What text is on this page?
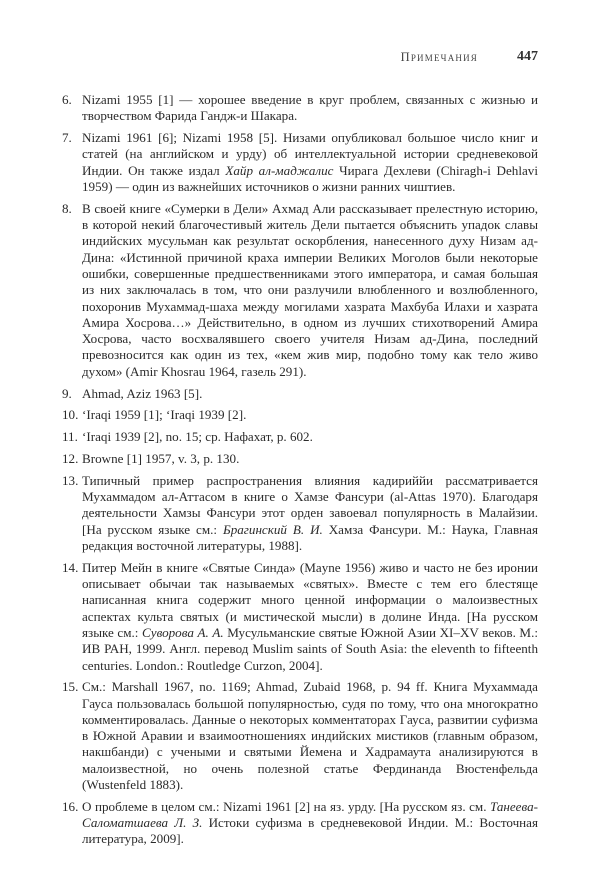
Примечания	447
6. Nizami 1955 [1] — хорошее введение в круг проблем, связанных с жизнью и творчеством Фарида Гандж-и Шакара.
7. Nizami 1961 [6]; Nizami 1958 [5]. Низами опубликовал большое число книг и статей (на английском и урду) об интеллектуальной истории средневековой Индии. Он также издал Хайр ал-маджалис Чирага Дехлеви (Chiragh-i Dehlavi 1959) — один из важнейших источников о жизни ранних чиштиев.
8. В своей книге «Сумерки в Дели» Ахмад Али рассказывает прелестную историю, в которой некий благочестивый житель Дели пытается объяснить упадок славы индийских мусульман как результат оскорбления, нанесенного духу Низам ад-Дина: «Истинной причиной краха империи Великих Моголов были некоторые ошибки, совершенные предшественниками этого императора, и самая большая из них заключалась в том, что они разлучили влюбленного и возлюбленного, похоронив Мухаммад-шаха между могилами хазрата Махбуба Илахи и хазрата Амира Хосрова…» Действительно, в одном из лучших стихотворений Амира Хосрова, часто восхвалявшего своего учителя Низам ад-Дина, последний превозносится как один из тех, «кем жив мир, подобно тому как тело живо духом» (Amir Khosrau 1964, газель 291).
9. Ahmad, Aziz 1963 [5].
10. ‘Iraqi 1959 [1]; ‘Iraqi 1939 [2].
11. ‘Iraqi 1939 [2], no. 15; ср. Нафахат, p. 602.
12. Browne [1] 1957, v. 3, p. 130.
13. Типичный пример распространения влияния кадириййи рассматривается Мухаммадом ал-Аттасом в книге о Хамзе Фансури (al-Attas 1970). Благодаря деятельности Хамзы Фансури этот орден завоевал популярность в Малайзии. [На русском языке см.: Брагинский В. И. Хамза Фансури. М.: Наука, Главная редакция восточной литературы, 1988].
14. Питер Мейн в книге «Святые Синда» (Mayne 1956) живо и часто не без иронии описывает обычаи так называемых «святых». Вместе с тем его блестяще написанная книга содержит много ценной информации о малоизвестных аспектах культа святых (и мистической мысли) в долине Инда. [На русском языке см.: Суворова А. А. Мусульманские святые Южной Азии XI–XV веков. М.: ИВ РАН, 1999. Англ. перевод Muslim saints of South Asia: the eleventh to fifteenth centuries. London.: Routledge Curzon, 2004].
15. См.: Marshall 1967, no. 1169; Ahmad, Zubaid 1968, p. 94 ff. Книга Мухаммада Гауса пользовалась большой популярностью, судя по тому, что она многократно комментировалась. Данные о некоторых комментаторах Гауса, развитии суфизма в Южной Аравии и взаимоотношениях индийских мистиков (главным образом, накшбанди) с учеными и святыми Йемена и Хадрамаута анализируются в малоизвестной, но очень полезной статье Фердинанда Вюстенфельда (Wustenfeld 1883).
16. О проблеме в целом см.: Nizami 1961 [2] на яз. урду. [На русском яз. см. Танеева-Саломатшаева Л. З. Истоки суфизма в средневековой Индии. М.: Восточная литература, 2009].
